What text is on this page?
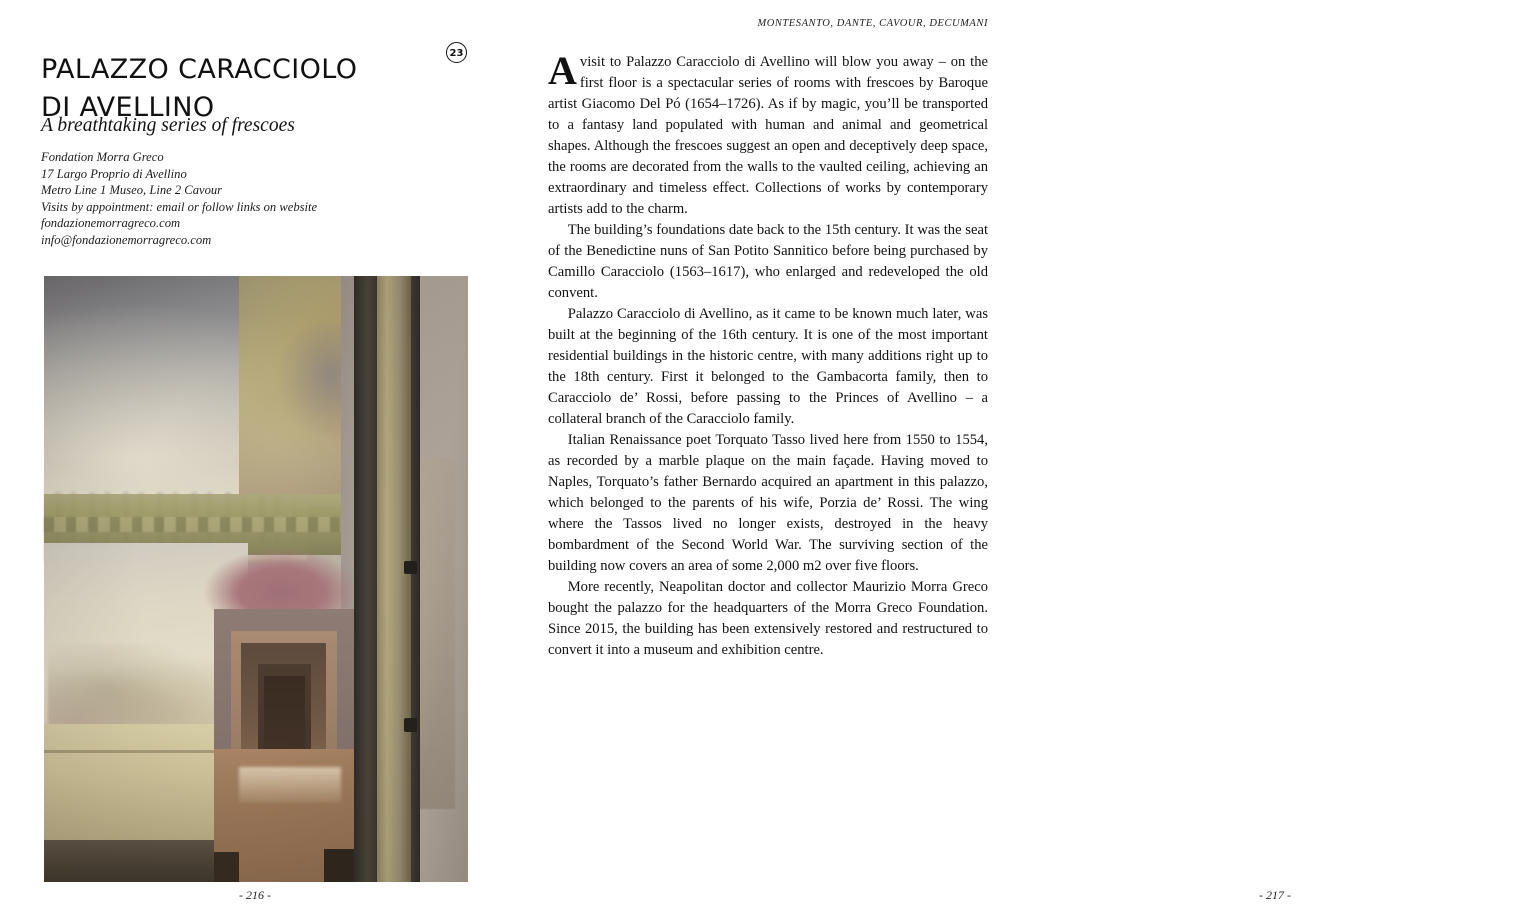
PALAZZO CARACCIOLO
DI AVELLINO
23
A breathtaking series of frescoes
Fondation Morra Greco
17 Largo Proprio di Avellino
Metro Line 1 Museo, Line 2 Cavour
Visits by appointment: email or follow links on website
fondazionemorragreco.com
info@fondazionemorragreco.com
- 216 -
MONTESANTO, DANTE, CAVOUR, DECUMANI

Avisit to Palazzo Caracciolo di Avellino will blow you away – on the first floor is a spectacular series of rooms with frescoes by Baroque artist Giacomo Del Pó (1654–1726). As if by magic, you’ll be transported to a fantasy land populated with human and animal and geometrical shapes. Although the frescoes suggest an open and deceptively deep space, the rooms are decorated from the walls to the vaulted ceiling, achieving an extraordinary and timeless effect. Collections of works by contemporary artists add to the charm.

The building’s foundations date back to the 15th century. It was the seat of the Benedictine nuns of San Potito Sannitico before being purchased by Camillo Caracciolo (1563–1617), who enlarged and redeveloped the old convent.

Palazzo Caracciolo di Avellino, as it came to be known much later, was built at the beginning of the 16th century. It is one of the most important residential buildings in the historic centre, with many additions right up to the 18th century. First it belonged to the Gambacorta family, then to Caracciolo de’ Rossi, before passing to the Princes of Avellino – a collateral branch of the Caracciolo family.

Italian Renaissance poet Torquato Tasso lived here from 1550 to 1554, as recorded by a marble plaque on the main façade. Having moved to Naples, Torquato’s father Bernardo acquired an apartment in this palazzo, which belonged to the parents of his wife, Porzia de’ Rossi. The wing where the Tassos lived no longer exists, destroyed in the heavy bombardment of the Second World War. The surviving section of the building now covers an area of some 2,000 m2 over five floors.

More recently, Neapolitan doctor and collector Maurizio Morra Greco bought the palazzo for the headquarters of the Morra Greco Foundation. Since 2015, the building has been extensively restored and restructured to convert it into a museum and exhibition centre.

- 217 -
